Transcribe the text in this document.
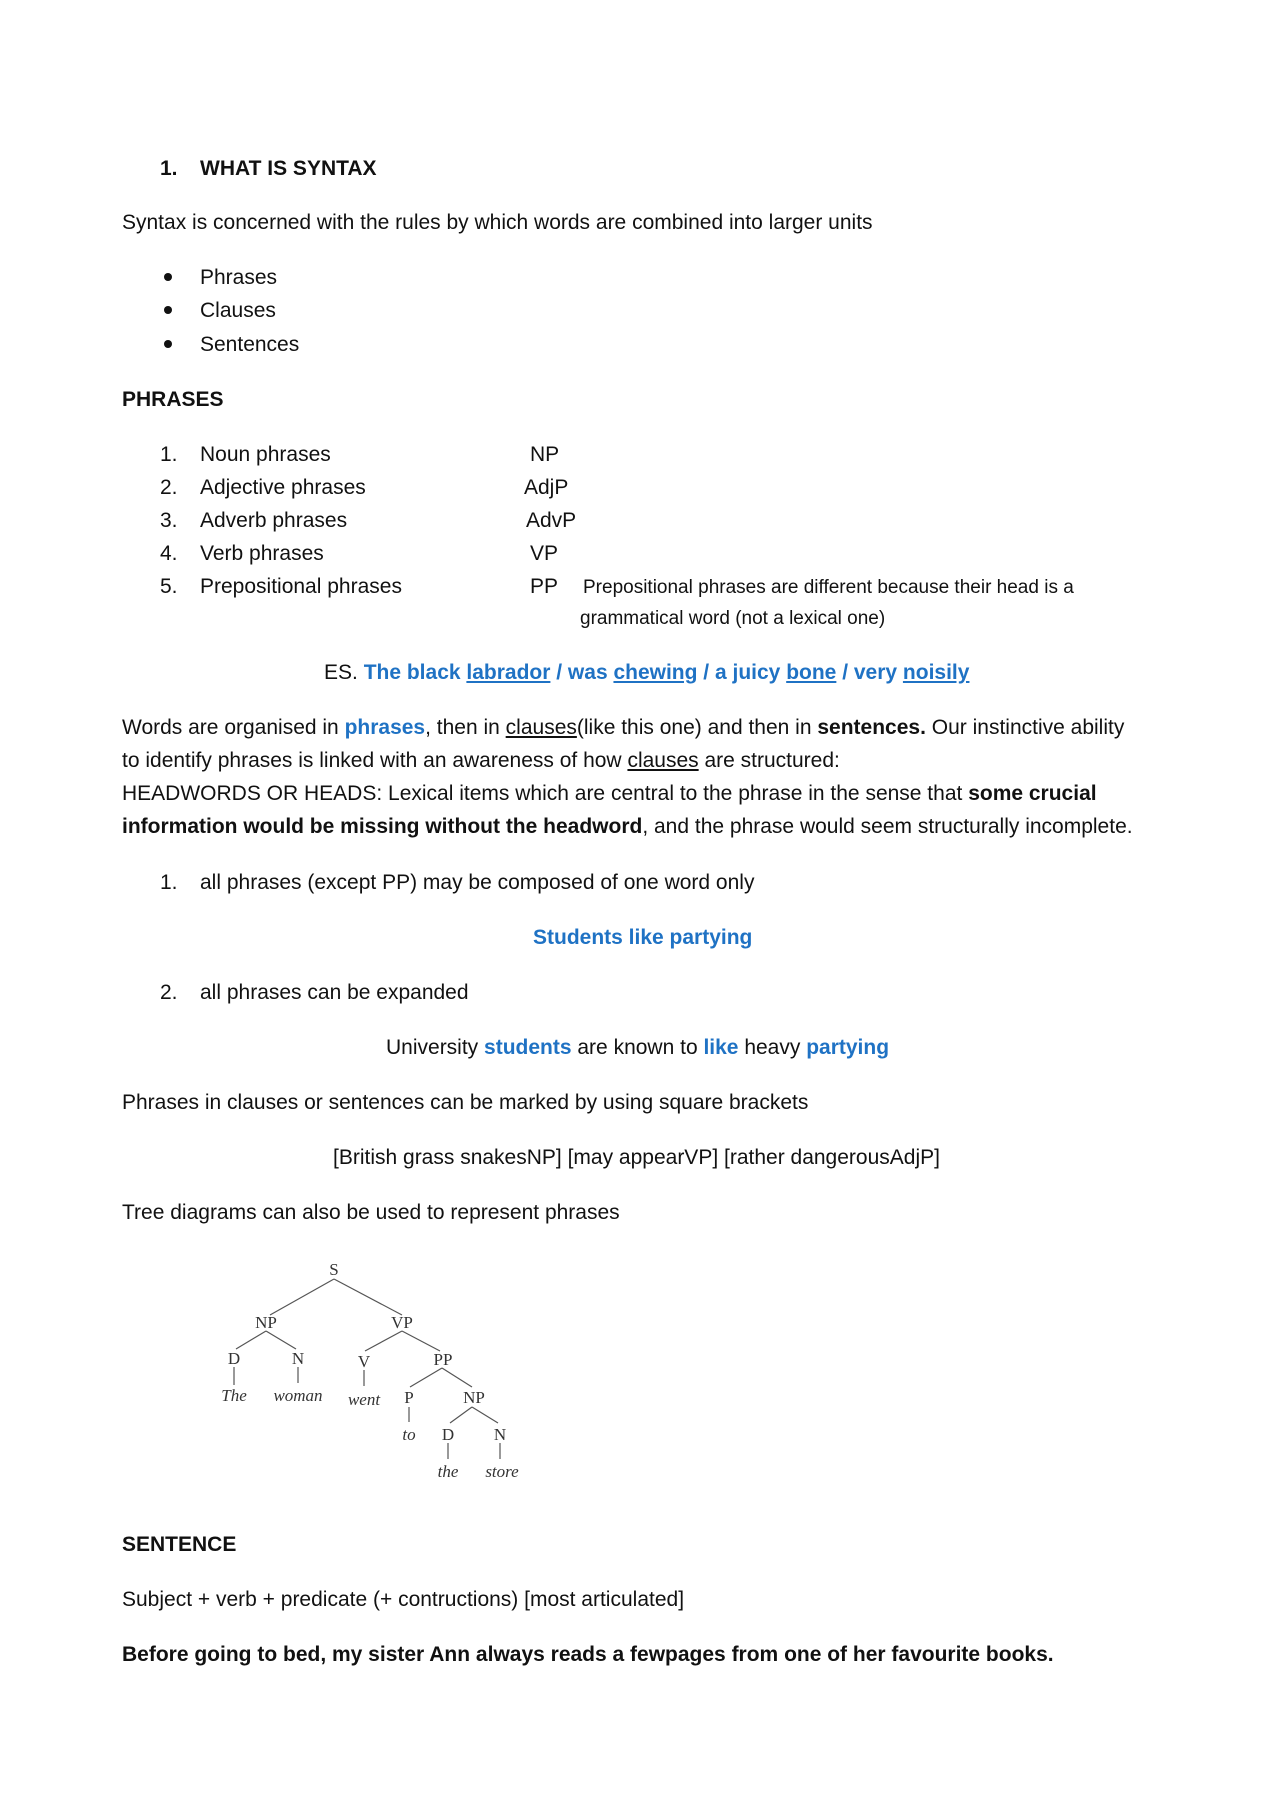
1. WHAT IS SYNTAX
Syntax is concerned with the rules by which words are combined into larger units
Phrases
Clauses
Sentences
PHRASES
1. Noun phrases	NP
2. Adjective phrases	AdjP
3. Adverb phrases	AdvP
4. Verb phrases	VP
5. Prepositional phrases	PP Prepositional phrases are different because their head is a
grammatical word (not a lexical one)
ES. The black labrador / was chewing / a juicy bone / very noisily
Words are organised in phrases, then in clauses(like this one) and then in sentences. Our instinctive ability
to identify phrases is linked with an awareness of how clauses are structured:
HEADWORDS OR HEADS: Lexical items which are central to the phrase in the sense that some crucial
information would be missing without the headword, and the phrase would seem structurally incomplete.
1. all phrases (except PP) may be composed of one word only
Students like partying
2. all phrases can be expanded
University students are known to like heavy partying
Phrases in clauses or sentences can be marked by using square brackets
[British grass snakesNP] [may appearVP] [rather dangerousAdjP]
Tree diagrams can also be used to represent phrases
S
NP	VP
D	N	V	PP
P	NP
D N
The woman went
to
the store
SENTENCE
Subject + verb + predicate (+ contructions) [most articulated]
Before going to bed, my sister Ann always reads a fewpages from one of her favourite books.
